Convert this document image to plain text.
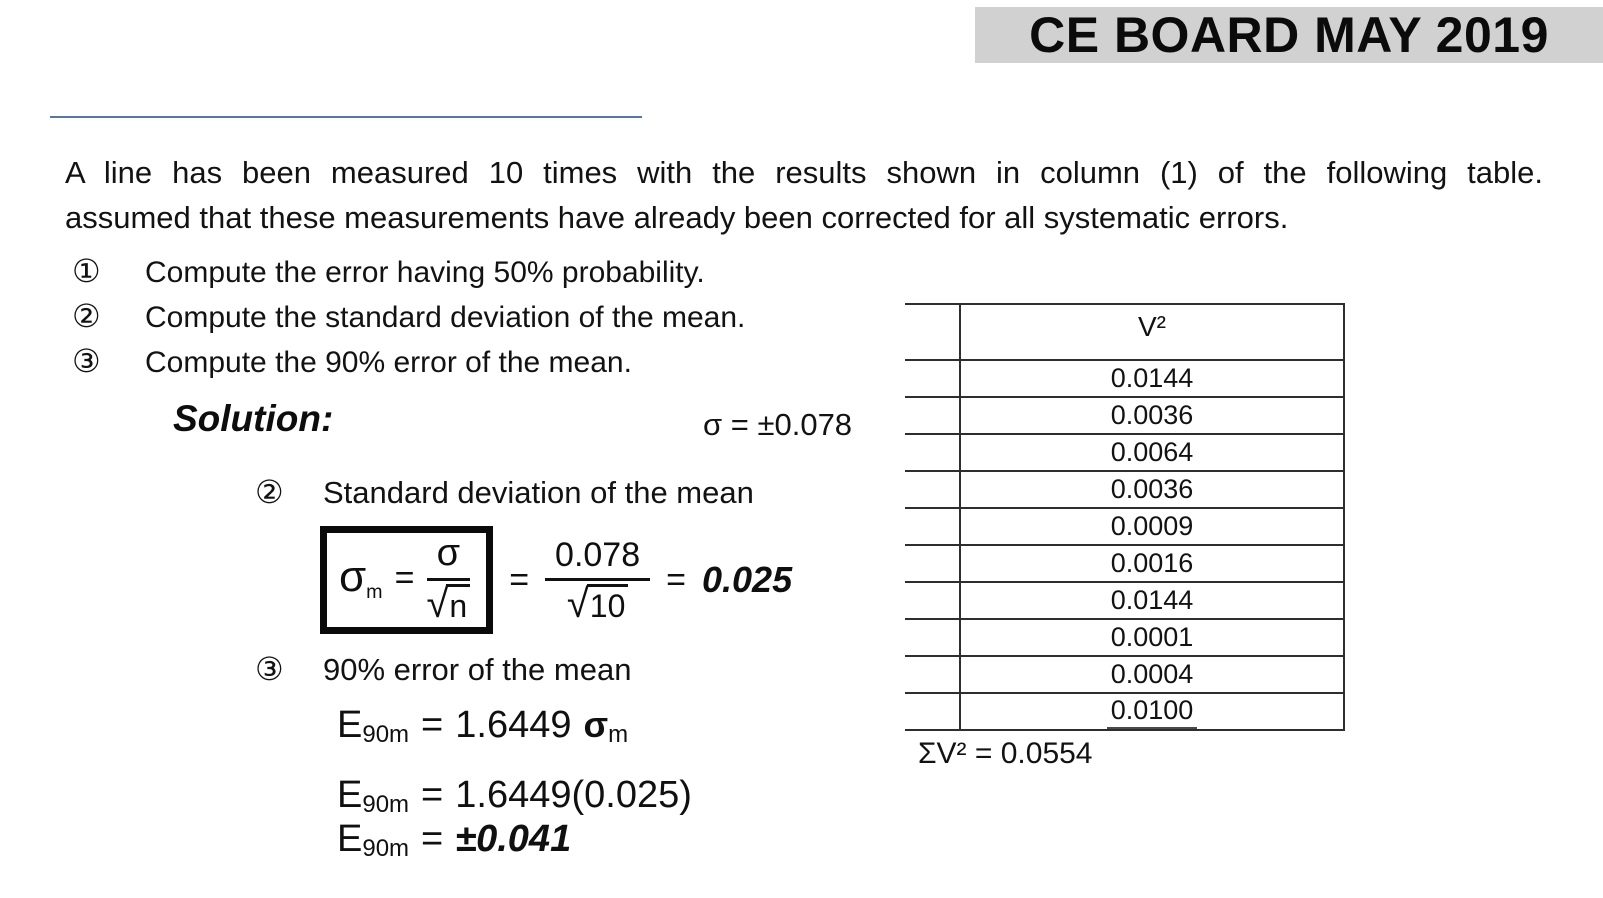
CE BOARD MAY 2019
A line has been measured 10 times with the results shown in column (1) of the following table.
assumed that these measurements have already been corrected for all systematic errors.
①	Compute the error having 50% probability.
②	Compute the standard deviation of the mean.
③	Compute the 90% error of the mean.
Solution:	σ = ±0.078
②	Standard deviation of the mean
$\sigma_m = \frac{\sigma}{√ n} = \frac{0.078}{√ 10} = 0.025$
③	90% error of the mean
E90m = 1.6449 σm
E90m = 1.6449(0.025)
E90m = ±0.041
V²
0.0144
0.0036
0.0064
0.0036
0.0009
0.0016
0.0144
0.0001
0.0004
0.0100
ΣV² = 0.0554
